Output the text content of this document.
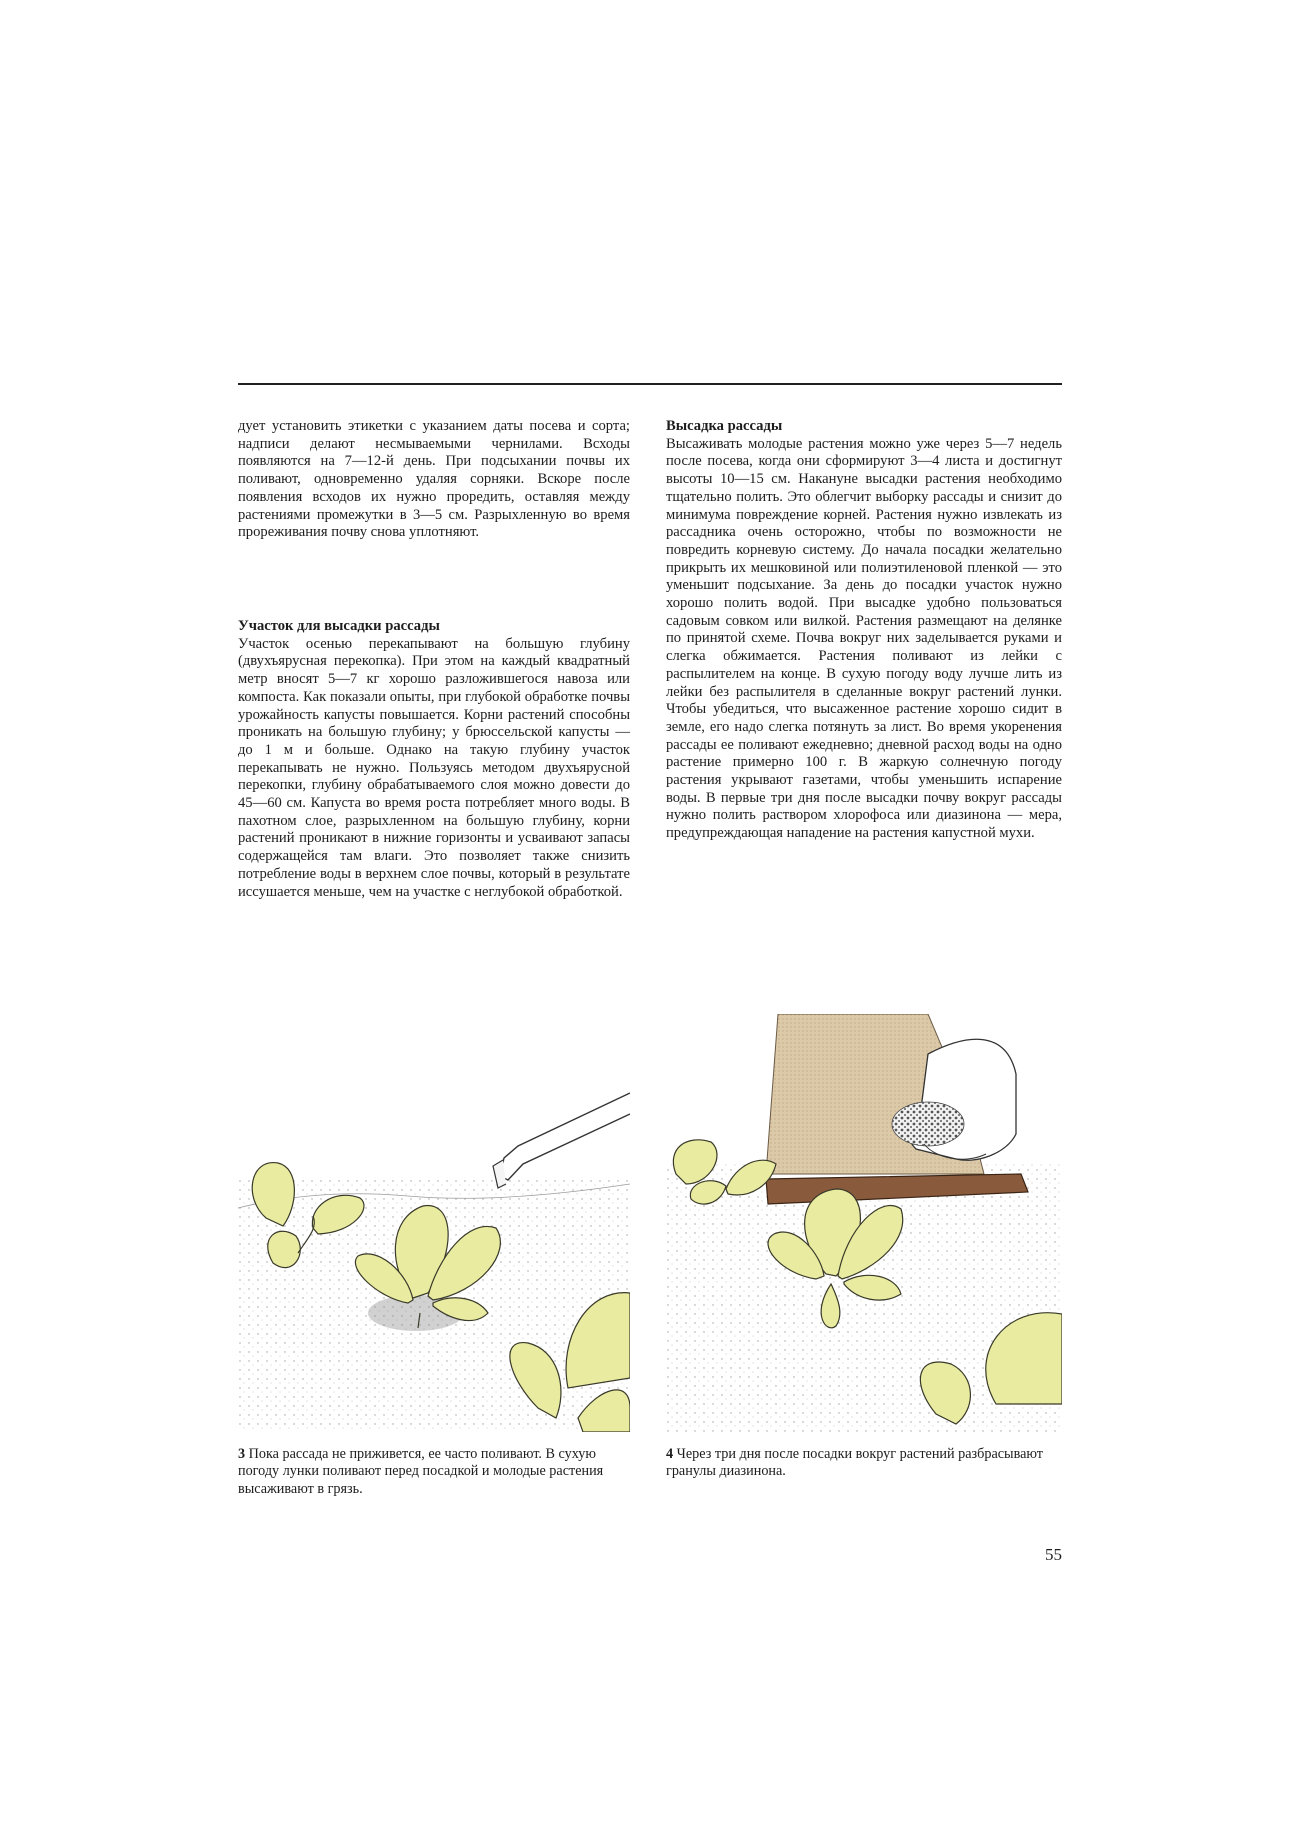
дует установить этикетки с указанием даты посева и сорта; надписи делают несмываемыми чернилами. Всходы появляются на 7—12-й день. При подсыхании почвы их поливают, одновременно удаляя сорняки. Вскоре после появления всходов их нужно проредить, оставляя между растениями промежутки в 3—5 см. Разрыхленную во время прореживания почву снова уплотняют.

Участок для высадки рассады

Участок осенью перекапывают на большую глубину (двухъярусная перекопка). При этом на каждый квадратный метр вносят 5—7 кг хорошо разложившегося навоза или компоста. Как показали опыты, при глубокой обработке почвы урожайность капусты повышается. Корни растений способны проникать на большую глубину; у брюссельской капусты — до 1 м и больше. Однако на такую глубину участок перекапывать не нужно. Пользуясь методом двухъярусной перекопки, глубину обрабатываемого слоя можно довести до 45—60 см. Капуста во время роста потребляет много воды. В пахотном слое, разрыхленном на большую глубину, корни растений проникают в нижние горизонты и усваивают запасы содержащейся там влаги. Это позволяет также снизить потребление воды в верхнем слое почвы, который в результате иссушается меньше, чем на участке с неглубокой обработкой.

Высадка рассады

Высаживать молодые растения можно уже через 5—7 недель после посева, когда они сформируют 3—4 листа и достигнут высоты 10—15 см. Накануне высадки растения необходимо тщательно полить. Это облегчит выборку рассады и снизит до минимума повреждение корней. Растения нужно извлекать из рассадника очень осторожно, чтобы по возможности не повредить корневую систему. До начала посадки желательно прикрыть их мешковиной или полиэтиленовой пленкой — это уменьшит подсыхание. За день до посадки участок нужно хорошо полить водой. При высадке удобно пользоваться садовым совком или вилкой. Растения размещают на делянке по принятой схеме. Почва вокруг них заделывается руками и слегка обжимается. Растения поливают из лейки с распылителем на конце. В сухую погоду воду лучше лить из лейки без распылителя в сделанные вокруг растений лунки. Чтобы убедиться, что высаженное растение хорошо сидит в земле, его надо слегка потянуть за лист. Во время укоренения рассады ее поливают ежедневно; дневной расход воды на одно растение примерно 100 г. В жаркую солнечную погоду растения укрывают газетами, чтобы уменьшить испарение воды. В первые три дня после высадки почву вокруг рассады нужно полить раствором хлорофоса или диазинона — мера, предупреждающая нападение на растения капустной мухи.

3 Пока рассада не приживется, ее часто поливают. В сухую погоду лунки поливают перед посадкой и молодые растения высаживают в грязь.
4 Через три дня после посадки вокруг растений разбрасывают гранулы диазинона.
55
